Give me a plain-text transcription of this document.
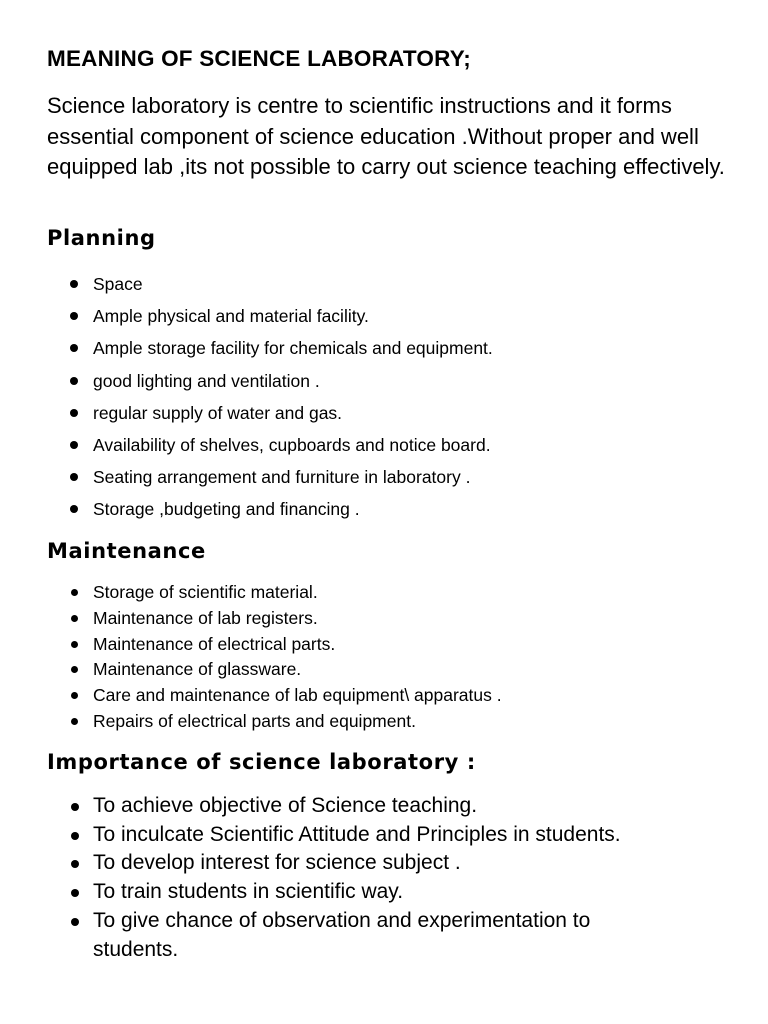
MEANING OF SCIENCE LABORATORY;

Science laboratory is centre to scientific instructions and it forms essential component of science education .Without proper and well equipped lab ,its not possible to carry out science teaching effectively.

Planning
Space
Ample physical and material facility.
Ample storage facility for chemicals and equipment.
good lighting and ventilation .
regular supply of water and gas.
Availability of shelves, cupboards and notice board.
Seating arrangement and furniture in laboratory .
Storage ,budgeting and financing .
Maintenance
Storage of scientific material.
Maintenance of lab registers.
Maintenance of electrical parts.
Maintenance of glassware.
Care and maintenance of lab equipment\ apparatus .
Repairs of electrical parts and equipment.
Importance of science laboratory :
To achieve objective of Science teaching.
To inculcate Scientific Attitude and Principles in students.
To develop interest for science subject .
To train students in scientific way.
To give chance of observation and experimentation to students.
